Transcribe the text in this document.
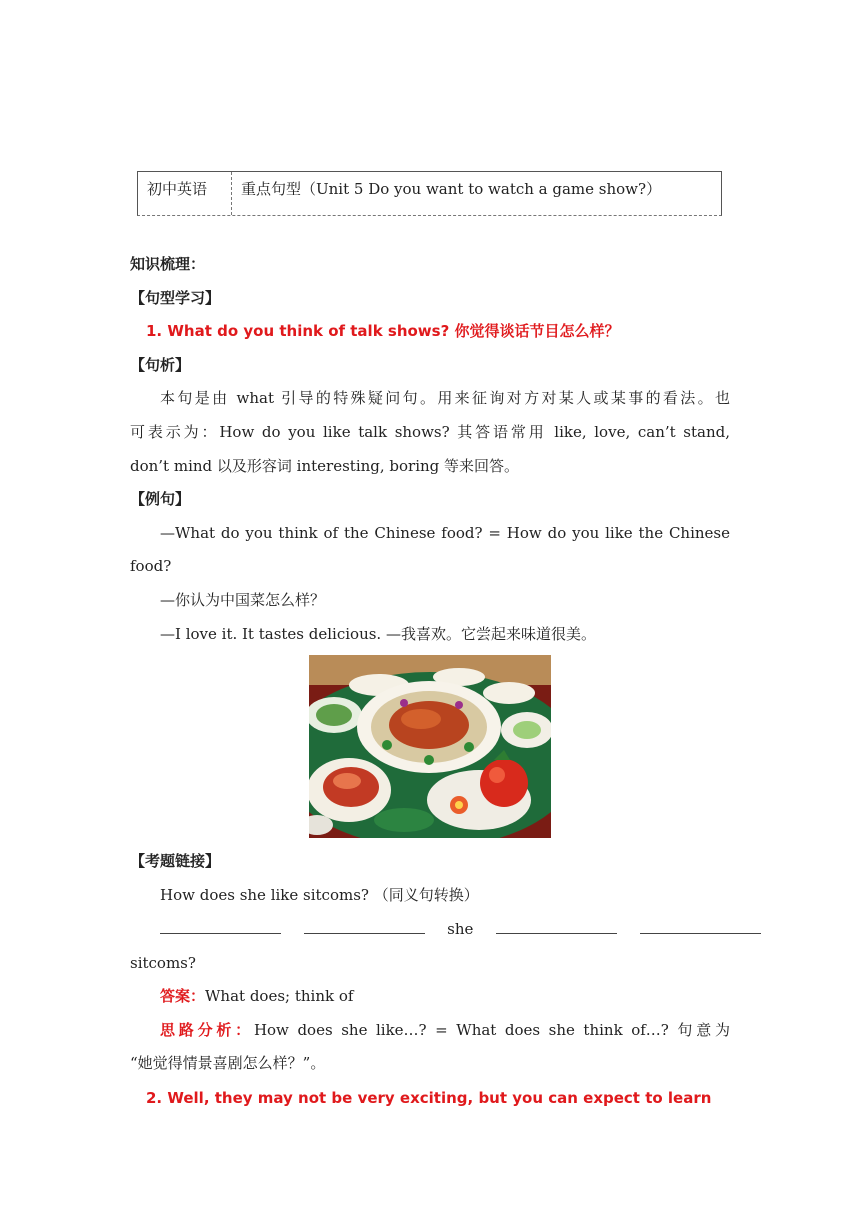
初中英语	重点句型（Unit 5 Do you want to watch a game show?）
知识梳理：
【句型学习】
1. What do you think of talk shows? 你觉得谈话节目怎么样？
【句析】
本句是由 what 引导的特殊疑问句。用来征询对方对某人或某事的看法。也
可表示为：How do you like talk shows? 其答语常用 like, love, can’t stand,
don’t mind 以及形容词 interesting, boring 等来回答。
【例句】
—What do you think of the Chinese food? = How do you like the Chinese
food?
—你认为中国菜怎么样？
—I love it. It tastes delicious. —我喜欢。它尝起来味道很美。
【考题链接】
How does she like sitcoms? （同义句转换）
she
sitcoms?
答案：What does; think of
思路分析：How does she like…? = What does she think of…? 句意为
“她觉得情景喜剧怎么样？”。
2. Well, they may not be very exciting, but you can expect to learn
